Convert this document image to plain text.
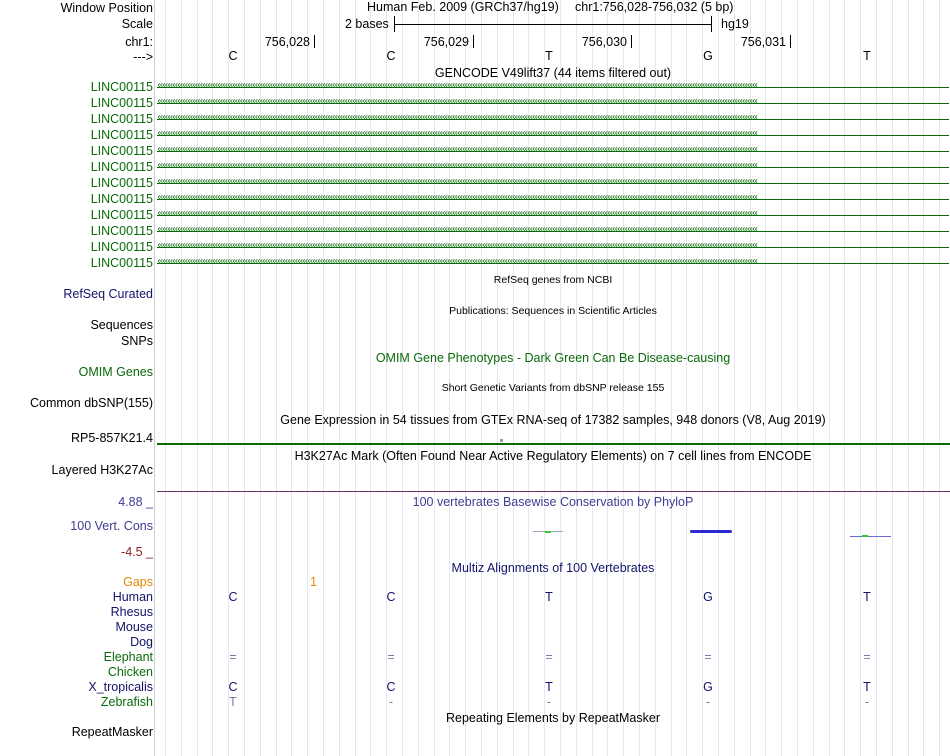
Window Position	Human Feb. 2009 (GRCh37/hg19) chr1:756,028-756,032 (5 bp)
Scale	2 bases	hg19
chr1:	756,028	756,029	756,030	756,031
--->	C	C	T	G	T
GENCODE V49lift37 (44 items filtered out)
LINC00115 ‹‹‹‹‹‹‹‹‹‹‹‹‹‹‹‹‹‹‹‹‹‹‹‹‹‹‹‹‹‹‹‹‹‹‹‹‹‹‹‹‹‹‹‹‹‹‹‹‹‹‹‹‹‹‹‹‹‹‹‹‹‹‹‹‹‹‹‹‹‹‹‹‹‹‹‹‹‹‹‹‹‹‹‹‹‹‹‹‹‹‹‹‹‹‹‹‹‹‹‹‹‹‹‹‹‹‹‹‹‹‹‹‹‹‹‹‹‹‹‹‹‹‹‹‹‹‹‹‹‹‹‹‹‹‹‹‹‹‹‹‹‹‹‹‹‹‹‹‹‹‹‹‹‹‹‹‹‹‹‹‹‹‹‹‹‹‹‹‹‹‹‹‹‹‹‹‹‹‹‹‹‹‹‹‹‹‹‹‹‹‹‹‹‹‹‹‹‹‹‹‹‹‹‹‹‹‹‹‹‹‹‹‹‹‹‹‹‹‹‹‹‹‹‹‹‹‹‹‹‹‹‹‹‹‹‹‹‹‹‹
LINC00115 ‹‹‹‹‹‹‹‹‹‹‹‹‹‹‹‹‹‹‹‹‹‹‹‹‹‹‹‹‹‹‹‹‹‹‹‹‹‹‹‹‹‹‹‹‹‹‹‹‹‹‹‹‹‹‹‹‹‹‹‹‹‹‹‹‹‹‹‹‹‹‹‹‹‹‹‹‹‹‹‹‹‹‹‹‹‹‹‹‹‹‹‹‹‹‹‹‹‹‹‹‹‹‹‹‹‹‹‹‹‹‹‹‹‹‹‹‹‹‹‹‹‹‹‹‹‹‹‹‹‹‹‹‹‹‹‹‹‹‹‹‹‹‹‹‹‹‹‹‹‹‹‹‹‹‹‹‹‹‹‹‹‹‹‹‹‹‹‹‹‹‹‹‹‹‹‹‹‹‹‹‹‹‹‹‹‹‹‹‹‹‹‹‹‹‹‹‹‹‹‹‹‹‹‹‹‹‹‹‹‹‹‹‹‹‹‹‹‹‹‹‹‹‹‹‹‹‹‹‹‹‹‹‹‹‹‹‹‹‹‹
LINC00115 ‹‹‹‹‹‹‹‹‹‹‹‹‹‹‹‹‹‹‹‹‹‹‹‹‹‹‹‹‹‹‹‹‹‹‹‹‹‹‹‹‹‹‹‹‹‹‹‹‹‹‹‹‹‹‹‹‹‹‹‹‹‹‹‹‹‹‹‹‹‹‹‹‹‹‹‹‹‹‹‹‹‹‹‹‹‹‹‹‹‹‹‹‹‹‹‹‹‹‹‹‹‹‹‹‹‹‹‹‹‹‹‹‹‹‹‹‹‹‹‹‹‹‹‹‹‹‹‹‹‹‹‹‹‹‹‹‹‹‹‹‹‹‹‹‹‹‹‹‹‹‹‹‹‹‹‹‹‹‹‹‹‹‹‹‹‹‹‹‹‹‹‹‹‹‹‹‹‹‹‹‹‹‹‹‹‹‹‹‹‹‹‹‹‹‹‹‹‹‹‹‹‹‹‹‹‹‹‹‹‹‹‹‹‹‹‹‹‹‹‹‹‹‹‹‹‹‹‹‹‹‹‹‹‹‹‹‹‹‹‹
LINC00115 ‹‹‹‹‹‹‹‹‹‹‹‹‹‹‹‹‹‹‹‹‹‹‹‹‹‹‹‹‹‹‹‹‹‹‹‹‹‹‹‹‹‹‹‹‹‹‹‹‹‹‹‹‹‹‹‹‹‹‹‹‹‹‹‹‹‹‹‹‹‹‹‹‹‹‹‹‹‹‹‹‹‹‹‹‹‹‹‹‹‹‹‹‹‹‹‹‹‹‹‹‹‹‹‹‹‹‹‹‹‹‹‹‹‹‹‹‹‹‹‹‹‹‹‹‹‹‹‹‹‹‹‹‹‹‹‹‹‹‹‹‹‹‹‹‹‹‹‹‹‹‹‹‹‹‹‹‹‹‹‹‹‹‹‹‹‹‹‹‹‹‹‹‹‹‹‹‹‹‹‹‹‹‹‹‹‹‹‹‹‹‹‹‹‹‹‹‹‹‹‹‹‹‹‹‹‹‹‹‹‹‹‹‹‹‹‹‹‹‹‹‹‹‹‹‹‹‹‹‹‹‹‹‹‹‹‹‹‹‹‹
LINC00115 ‹‹‹‹‹‹‹‹‹‹‹‹‹‹‹‹‹‹‹‹‹‹‹‹‹‹‹‹‹‹‹‹‹‹‹‹‹‹‹‹‹‹‹‹‹‹‹‹‹‹‹‹‹‹‹‹‹‹‹‹‹‹‹‹‹‹‹‹‹‹‹‹‹‹‹‹‹‹‹‹‹‹‹‹‹‹‹‹‹‹‹‹‹‹‹‹‹‹‹‹‹‹‹‹‹‹‹‹‹‹‹‹‹‹‹‹‹‹‹‹‹‹‹‹‹‹‹‹‹‹‹‹‹‹‹‹‹‹‹‹‹‹‹‹‹‹‹‹‹‹‹‹‹‹‹‹‹‹‹‹‹‹‹‹‹‹‹‹‹‹‹‹‹‹‹‹‹‹‹‹‹‹‹‹‹‹‹‹‹‹‹‹‹‹‹‹‹‹‹‹‹‹‹‹‹‹‹‹‹‹‹‹‹‹‹‹‹‹‹‹‹‹‹‹‹‹‹‹‹‹‹‹‹‹‹‹‹‹‹‹
LINC00115 ‹‹‹‹‹‹‹‹‹‹‹‹‹‹‹‹‹‹‹‹‹‹‹‹‹‹‹‹‹‹‹‹‹‹‹‹‹‹‹‹‹‹‹‹‹‹‹‹‹‹‹‹‹‹‹‹‹‹‹‹‹‹‹‹‹‹‹‹‹‹‹‹‹‹‹‹‹‹‹‹‹‹‹‹‹‹‹‹‹‹‹‹‹‹‹‹‹‹‹‹‹‹‹‹‹‹‹‹‹‹‹‹‹‹‹‹‹‹‹‹‹‹‹‹‹‹‹‹‹‹‹‹‹‹‹‹‹‹‹‹‹‹‹‹‹‹‹‹‹‹‹‹‹‹‹‹‹‹‹‹‹‹‹‹‹‹‹‹‹‹‹‹‹‹‹‹‹‹‹‹‹‹‹‹‹‹‹‹‹‹‹‹‹‹‹‹‹‹‹‹‹‹‹‹‹‹‹‹‹‹‹‹‹‹‹‹‹‹‹‹‹‹‹‹‹‹‹‹‹‹‹‹‹‹‹‹‹‹‹‹
LINC00115 ‹‹‹‹‹‹‹‹‹‹‹‹‹‹‹‹‹‹‹‹‹‹‹‹‹‹‹‹‹‹‹‹‹‹‹‹‹‹‹‹‹‹‹‹‹‹‹‹‹‹‹‹‹‹‹‹‹‹‹‹‹‹‹‹‹‹‹‹‹‹‹‹‹‹‹‹‹‹‹‹‹‹‹‹‹‹‹‹‹‹‹‹‹‹‹‹‹‹‹‹‹‹‹‹‹‹‹‹‹‹‹‹‹‹‹‹‹‹‹‹‹‹‹‹‹‹‹‹‹‹‹‹‹‹‹‹‹‹‹‹‹‹‹‹‹‹‹‹‹‹‹‹‹‹‹‹‹‹‹‹‹‹‹‹‹‹‹‹‹‹‹‹‹‹‹‹‹‹‹‹‹‹‹‹‹‹‹‹‹‹‹‹‹‹‹‹‹‹‹‹‹‹‹‹‹‹‹‹‹‹‹‹‹‹‹‹‹‹‹‹‹‹‹‹‹‹‹‹‹‹‹‹‹‹‹‹‹‹‹‹
LINC00115 ‹‹‹‹‹‹‹‹‹‹‹‹‹‹‹‹‹‹‹‹‹‹‹‹‹‹‹‹‹‹‹‹‹‹‹‹‹‹‹‹‹‹‹‹‹‹‹‹‹‹‹‹‹‹‹‹‹‹‹‹‹‹‹‹‹‹‹‹‹‹‹‹‹‹‹‹‹‹‹‹‹‹‹‹‹‹‹‹‹‹‹‹‹‹‹‹‹‹‹‹‹‹‹‹‹‹‹‹‹‹‹‹‹‹‹‹‹‹‹‹‹‹‹‹‹‹‹‹‹‹‹‹‹‹‹‹‹‹‹‹‹‹‹‹‹‹‹‹‹‹‹‹‹‹‹‹‹‹‹‹‹‹‹‹‹‹‹‹‹‹‹‹‹‹‹‹‹‹‹‹‹‹‹‹‹‹‹‹‹‹‹‹‹‹‹‹‹‹‹‹‹‹‹‹‹‹‹‹‹‹‹‹‹‹‹‹‹‹‹‹‹‹‹‹‹‹‹‹‹‹‹‹‹‹‹‹‹‹‹‹
LINC00115 ‹‹‹‹‹‹‹‹‹‹‹‹‹‹‹‹‹‹‹‹‹‹‹‹‹‹‹‹‹‹‹‹‹‹‹‹‹‹‹‹‹‹‹‹‹‹‹‹‹‹‹‹‹‹‹‹‹‹‹‹‹‹‹‹‹‹‹‹‹‹‹‹‹‹‹‹‹‹‹‹‹‹‹‹‹‹‹‹‹‹‹‹‹‹‹‹‹‹‹‹‹‹‹‹‹‹‹‹‹‹‹‹‹‹‹‹‹‹‹‹‹‹‹‹‹‹‹‹‹‹‹‹‹‹‹‹‹‹‹‹‹‹‹‹‹‹‹‹‹‹‹‹‹‹‹‹‹‹‹‹‹‹‹‹‹‹‹‹‹‹‹‹‹‹‹‹‹‹‹‹‹‹‹‹‹‹‹‹‹‹‹‹‹‹‹‹‹‹‹‹‹‹‹‹‹‹‹‹‹‹‹‹‹‹‹‹‹‹‹‹‹‹‹‹‹‹‹‹‹‹‹‹‹‹‹‹‹‹‹‹
LINC00115 ‹‹‹‹‹‹‹‹‹‹‹‹‹‹‹‹‹‹‹‹‹‹‹‹‹‹‹‹‹‹‹‹‹‹‹‹‹‹‹‹‹‹‹‹‹‹‹‹‹‹‹‹‹‹‹‹‹‹‹‹‹‹‹‹‹‹‹‹‹‹‹‹‹‹‹‹‹‹‹‹‹‹‹‹‹‹‹‹‹‹‹‹‹‹‹‹‹‹‹‹‹‹‹‹‹‹‹‹‹‹‹‹‹‹‹‹‹‹‹‹‹‹‹‹‹‹‹‹‹‹‹‹‹‹‹‹‹‹‹‹‹‹‹‹‹‹‹‹‹‹‹‹‹‹‹‹‹‹‹‹‹‹‹‹‹‹‹‹‹‹‹‹‹‹‹‹‹‹‹‹‹‹‹‹‹‹‹‹‹‹‹‹‹‹‹‹‹‹‹‹‹‹‹‹‹‹‹‹‹‹‹‹‹‹‹‹‹‹‹‹‹‹‹‹‹‹‹‹‹‹‹‹‹‹‹‹‹‹‹‹
LINC00115 ‹‹‹‹‹‹‹‹‹‹‹‹‹‹‹‹‹‹‹‹‹‹‹‹‹‹‹‹‹‹‹‹‹‹‹‹‹‹‹‹‹‹‹‹‹‹‹‹‹‹‹‹‹‹‹‹‹‹‹‹‹‹‹‹‹‹‹‹‹‹‹‹‹‹‹‹‹‹‹‹‹‹‹‹‹‹‹‹‹‹‹‹‹‹‹‹‹‹‹‹‹‹‹‹‹‹‹‹‹‹‹‹‹‹‹‹‹‹‹‹‹‹‹‹‹‹‹‹‹‹‹‹‹‹‹‹‹‹‹‹‹‹‹‹‹‹‹‹‹‹‹‹‹‹‹‹‹‹‹‹‹‹‹‹‹‹‹‹‹‹‹‹‹‹‹‹‹‹‹‹‹‹‹‹‹‹‹‹‹‹‹‹‹‹‹‹‹‹‹‹‹‹‹‹‹‹‹‹‹‹‹‹‹‹‹‹‹‹‹‹‹‹‹‹‹‹‹‹‹‹‹‹‹‹‹‹‹‹‹‹
LINC00115 ‹‹‹‹‹‹‹‹‹‹‹‹‹‹‹‹‹‹‹‹‹‹‹‹‹‹‹‹‹‹‹‹‹‹‹‹‹‹‹‹‹‹‹‹‹‹‹‹‹‹‹‹‹‹‹‹‹‹‹‹‹‹‹‹‹‹‹‹‹‹‹‹‹‹‹‹‹‹‹‹‹‹‹‹‹‹‹‹‹‹‹‹‹‹‹‹‹‹‹‹‹‹‹‹‹‹‹‹‹‹‹‹‹‹‹‹‹‹‹‹‹‹‹‹‹‹‹‹‹‹‹‹‹‹‹‹‹‹‹‹‹‹‹‹‹‹‹‹‹‹‹‹‹‹‹‹‹‹‹‹‹‹‹‹‹‹‹‹‹‹‹‹‹‹‹‹‹‹‹‹‹‹‹‹‹‹‹‹‹‹‹‹‹‹‹‹‹‹‹‹‹‹‹‹‹‹‹‹‹‹‹‹‹‹‹‹‹‹‹‹‹‹‹‹‹‹‹‹‹‹‹‹‹‹‹‹‹‹‹‹
RefSeq genes from NCBI
RefSeq Curated
Publications: Sequences in Scientific Articles
Sequences
SNPs
OMIM Gene Phenotypes - Dark Green Can Be Disease-causing
OMIM Genes
Short Genetic Variants from dbSNP release 155
Common dbSNP(155)
Gene Expression in 54 tissues from GTEx RNA-seq of 17382 samples, 948 donors (V8, Aug 2019)
RP5-857K21.4
H3K27Ac Mark (Often Found Near Active Regulatory Elements) on 7 cell lines from ENCODE
Layered H3K27Ac
100 vertebrates Basewise Conservation by PhyloP
4.88 _
100 Vert. Cons
-4.5 _
Multiz Alignments of 100 Vertebrates
Gaps	1
Human	C	C	T	G	T
Rhesus
Mouse
Dog
Elephant	=	=	=	=	=
Chicken
X_tropicalis	C	C	T	G	T
Zebrafish	T	-	-	-	-
Repeating Elements by RepeatMasker
RepeatMasker
